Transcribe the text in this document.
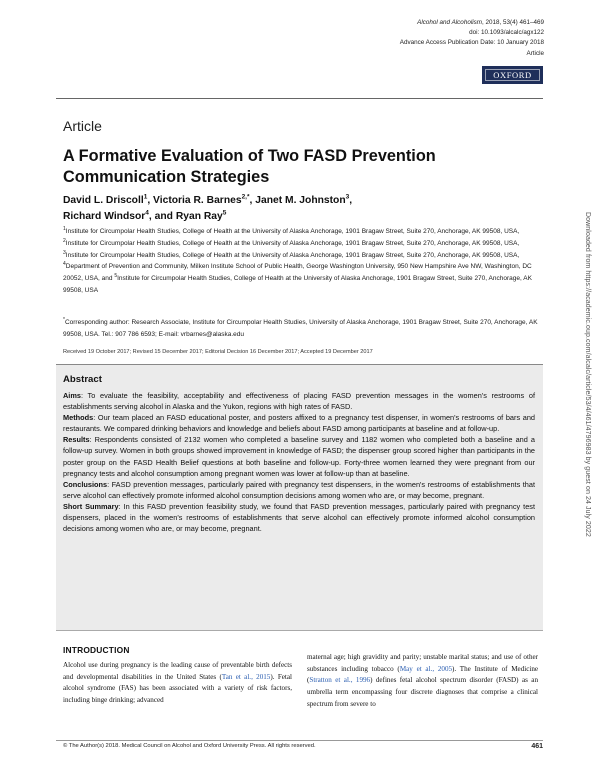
Alcohol and Alcoholism, 2018, 53(4) 461–469
doi: 10.1093/alcalc/agx122
Advance Access Publication Date: 10 January 2018
Article
OXFORD
Article
A Formative Evaluation of Two FASD Prevention Communication Strategies
David L. Driscoll$^1$, Victoria R. Barnes$^{2,*}$, Janet M. Johnston$^3$,
Richard Windsor$^4$, and Ryan Ray$^5$
$^1$Institute for Circumpolar Health Studies, College of Health at the University of Alaska Anchorage, 1901 Bragaw Street, Suite 270, Anchorage, AK 99508, USA, $^2$Institute for Circumpolar Health Studies, College of Health at the University of Alaska Anchorage, 1901 Bragaw Street, Suite 270, Anchorage, AK 99508, USA, $^3$Institute for Circumpolar Health Studies, College of Health at the University of Alaska Anchorage, 1901 Bragaw Street, Suite 270, Anchorage, AK 99508, USA, $^4$Department of Prevention and Community, Milken Institute School of Public Health, George Washington University, 950 New Hampshire Ave NW, Washington, DC 20052, USA, and $^5$Institute for Circumpolar Health Studies, College of Health at the University of Alaska Anchorage, 1901 Bragaw Street, Suite 270, Anchorage, AK 99508, USA
*Corresponding author: Research Associate, Institute for Circumpolar Health Studies, University of Alaska Anchorage, 1901 Bragaw Street, Suite 270, Anchorage, AK 99508, USA. Tel.: 907 786 6593; E-mail: vrbarnes@alaska.edu
Received 19 October 2017; Revised 15 December 2017; Editorial Decision 16 December 2017; Accepted 19 December 2017
Abstract

Aims: To evaluate the feasibility, acceptability and effectiveness of placing FASD prevention messages in the women's restrooms of establishments serving alcohol in Alaska and the Yukon, regions with high rates of FASD.

Methods: Our team placed an FASD educational poster, and posters affixed to a pregnancy test dispenser, in women's restrooms of bars and restaurants. We compared drinking behaviors and knowledge and beliefs about FASD among participants at baseline and at follow-up.

Results: Respondents consisted of 2132 women who completed a baseline survey and 1182 women who completed both a baseline and a follow-up survey. Women in both groups showed improvement in knowledge of FASD; the dispenser group scored higher than participants in the poster group on the FASD Health Belief questions at both baseline and follow-up. Forty-three women learned they were pregnant from our pregnancy tests and alcohol consumption among pregnant women was lower at follow-up than at baseline.

Conclusions: FASD prevention messages, particularly paired with pregnancy test dispensers, in the women's restrooms of establishments that serve alcohol can effectively promote informed alcohol consumption decisions among women who are, or may become, pregnant.

Short Summary: In this FASD prevention feasibility study, we found that FASD prevention messages, particularly paired with pregnancy test dispensers, placed in the women's restrooms of establishments that serve alcohol can effectively promote informed alcohol consumption decisions among women who are, or may become, pregnant.

INTRODUCTION
Alcohol use during pregnancy is the leading cause of preventable birth defects and developmental disabilities in the United States (Tan et al., 2015). Fetal alcohol syndrome (FAS) has been associated with a variety of risk factors, including binge drinking; advanced
maternal age; high gravidity and parity; unstable marital status; and use of other substances including tobacco (May et al., 2005). The Institute of Medicine (Stratton et al., 1996) defines fetal alcohol spectrum disorder (FASD) as an umbrella term encompassing four discrete diagnoses that comprise a clinical spectrum from severe to
© The Author(s) 2018. Medical Council on Alcohol and Oxford University Press. All rights reserved.	461
Downloaded from https://academic.oup.com/alcalc/article/53/4/461/4796983 by guest on 24 July 2022
